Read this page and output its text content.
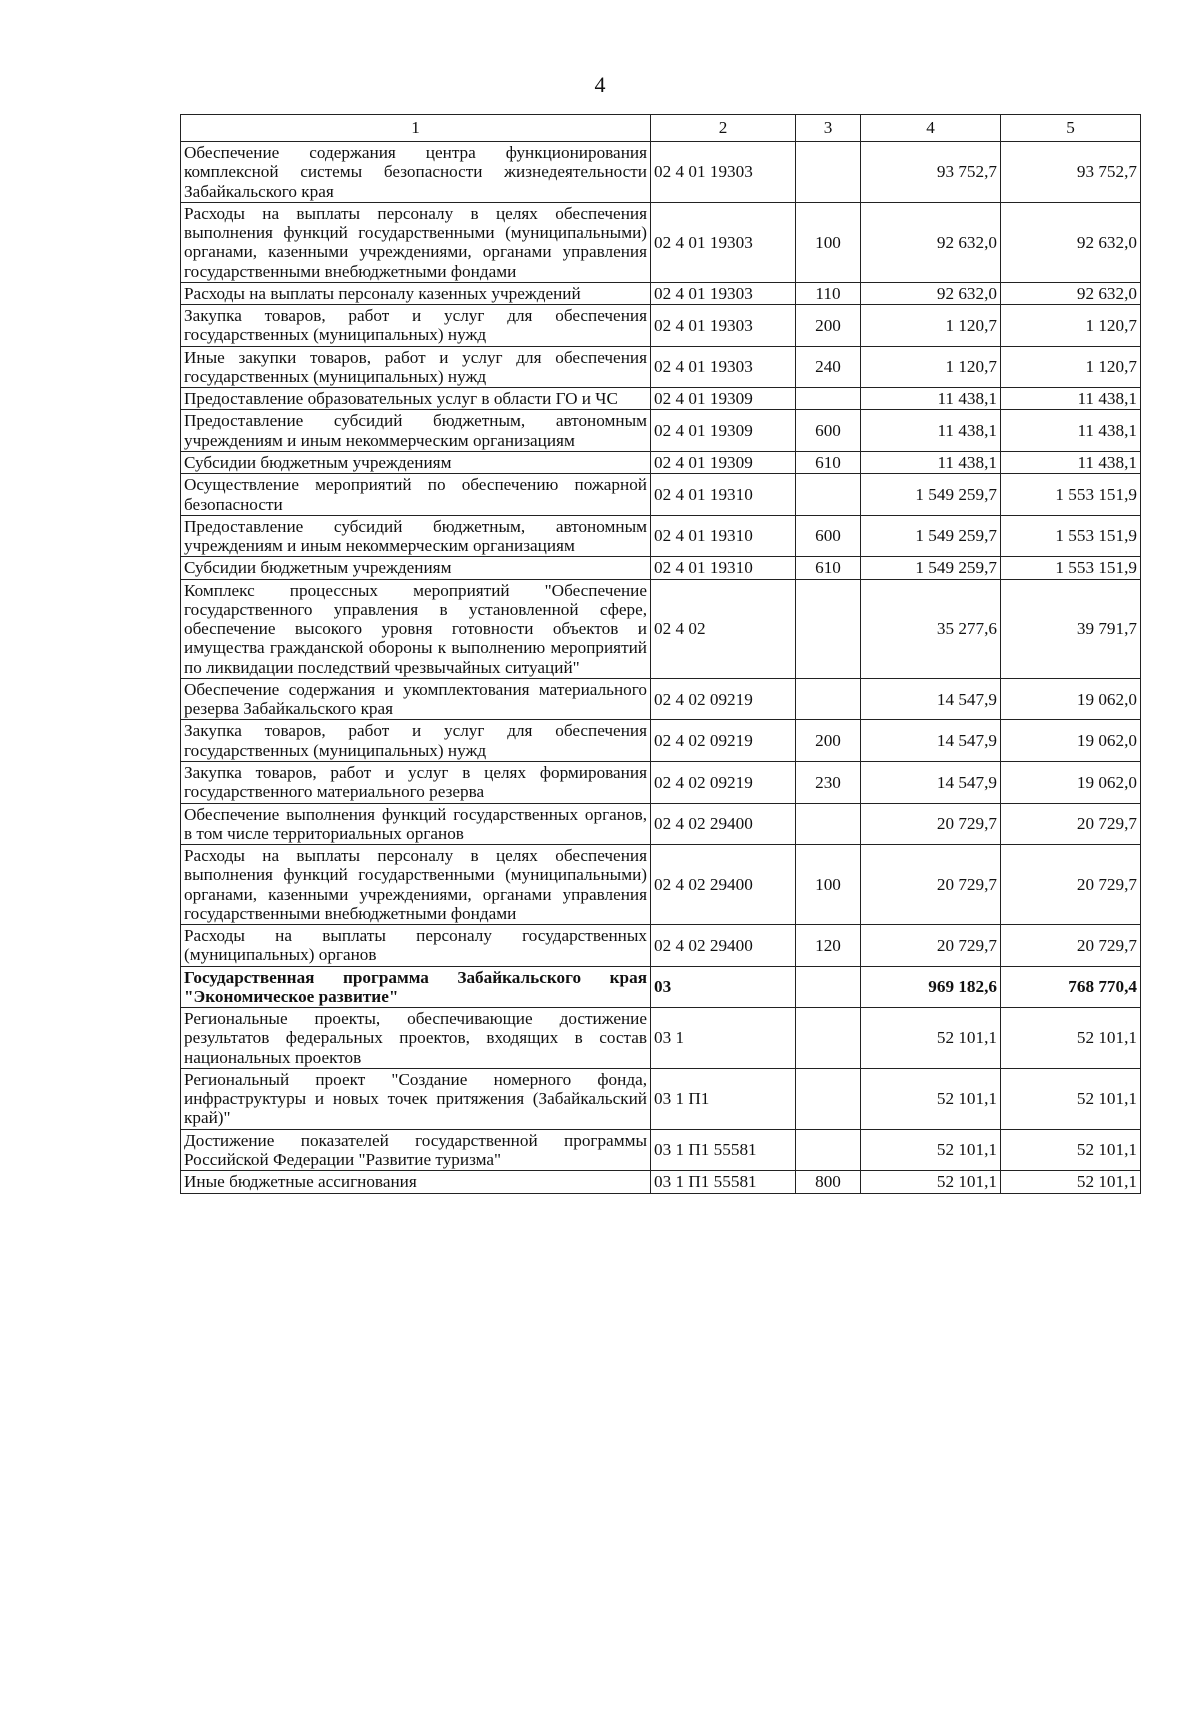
4
1	2	3	4	5
Обеспечение содержания центра функционирования комплексной системы безопасности жизнедеятельности Забайкальского края	02 4 01 19303		93 752,7	93 752,7
Расходы на выплаты персоналу в целях обеспечения выполнения функций государственными (муниципальными) органами, казенными учреждениями, органами управления государственными внебюджетными фондами	02 4 01 19303	100	92 632,0	92 632,0
Расходы на выплаты персоналу казенных учреждений	02 4 01 19303	110	92 632,0	92 632,0
Закупка товаров, работ и услуг для обеспечения государственных (муниципальных) нужд	02 4 01 19303	200	1 120,7	1 120,7
Иные закупки товаров, работ и услуг для обеспечения государственных (муниципальных) нужд	02 4 01 19303	240	1 120,7	1 120,7
Предоставление образовательных услуг в области ГО и ЧС	02 4 01 19309		11 438,1	11 438,1
Предоставление субсидий бюджетным, автономным учреждениям и иным некоммерческим организациям	02 4 01 19309	600	11 438,1	11 438,1
Субсидии бюджетным учреждениям	02 4 01 19309	610	11 438,1	11 438,1
Осуществление мероприятий по обеспечению пожарной безопасности	02 4 01 19310		1 549 259,7	1 553 151,9
Предоставление субсидий бюджетным, автономным учреждениям и иным некоммерческим организациям	02 4 01 19310	600	1 549 259,7	1 553 151,9
Субсидии бюджетным учреждениям	02 4 01 19310	610	1 549 259,7	1 553 151,9
Комплекс процессных мероприятий "Обеспечение государственного управления в установленной сфере, обеспечение высокого уровня готовности объектов и имущества гражданской обороны к выполнению мероприятий по ликвидации последствий чрезвычайных ситуаций"	02 4 02		35 277,6	39 791,7
Обеспечение содержания и укомплектования материального резерва Забайкальского края	02 4 02 09219		14 547,9	19 062,0
Закупка товаров, работ и услуг для обеспечения государственных (муниципальных) нужд	02 4 02 09219	200	14 547,9	19 062,0
Закупка товаров, работ и услуг в целях формирования государственного материального резерва	02 4 02 09219	230	14 547,9	19 062,0
Обеспечение выполнения функций государственных органов, в том числе территориальных органов	02 4 02 29400		20 729,7	20 729,7
Расходы на выплаты персоналу в целях обеспечения выполнения функций государственными (муниципальными) органами, казенными учреждениями, органами управления государственными внебюджетными фондами	02 4 02 29400	100	20 729,7	20 729,7
Расходы на выплаты персоналу государственных (муниципальных) органов	02 4 02 29400	120	20 729,7	20 729,7
Государственная программа Забайкальского края "Экономическое развитие"	03		969 182,6	768 770,4
Региональные проекты, обеспечивающие достижение результатов федеральных проектов, входящих в состав национальных проектов	03 1		52 101,1	52 101,1
Региональный проект "Создание номерного фонда, инфраструктуры и новых точек притяжения (Забайкальский край)"	03 1 П1		52 101,1	52 101,1
Достижение показателей государственной программы Российской Федерации "Развитие туризма"	03 1 П1 55581		52 101,1	52 101,1
Иные бюджетные ассигнования	03 1 П1 55581	800	52 101,1	52 101,1
